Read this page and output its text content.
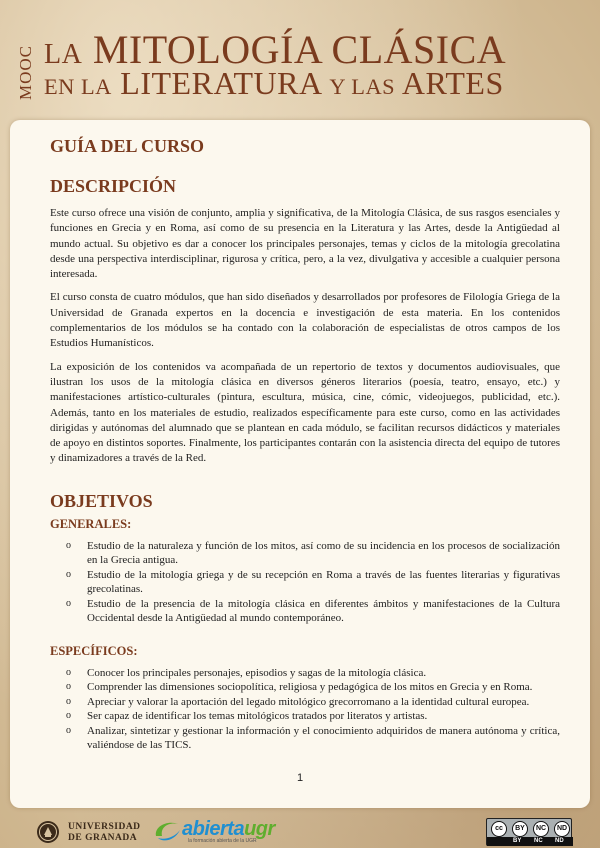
MOOC LA MITOLOGÍA CLÁSICA
EN LA LITERATURA Y LAS ARTES
GUÍA DEL CURSO
DESCRIPCIÓN

Este curso ofrece una visión de conjunto, amplia y significativa, de la Mitología Clásica, de sus rasgos esenciales y funciones en Grecia y en Roma, así como de su presencia en la Literatura y las Artes, desde la Antigüedad al mundo actual. Su objetivo es dar a conocer los principales personajes, temas y ciclos de la mitología grecolatina desde una perspectiva interdisciplinar, rigurosa y crítica, pero, a la vez, divulgativa y accesible a cualquier persona interesada.

El curso consta de cuatro módulos, que han sido diseñados y desarrollados por profesores de Filología Griega de la Universidad de Granada expertos en la docencia e investigación de esta materia. En los contenidos complementarios de los módulos se ha contado con la colaboración de especialistas de otros campos de los Estudios Humanísticos.

La exposición de los contenidos va acompañada de un repertorio de textos y documentos audiovisuales, que ilustran los usos de la mitología clásica en diversos géneros literarios (poesía, teatro, ensayo, etc.) y manifestaciones artístico-culturales (pintura, escultura, música, cine, cómic, videojuegos, publicidad, etc.). Además, tanto en los materiales de estudio, realizados específicamente para este curso, como en las actividades dirigidas y autónomas del alumnado que se plantean en cada módulo, se facilitan recursos didácticos y materiales de apoyo en distintos soportes. Finalmente, los participantes contarán con la asistencia directa del equipo de tutores y dinamizadores a través de la Red.

OBJETIVOS
GENERALES:
o Estudio de la naturaleza y función de los mitos, así como de su incidencia en los procesos de socialización en la Grecia antigua.
o Estudio de la mitología griega y de su recepción en Roma a través de las fuentes literarias y figurativas grecolatinas.
o Estudio de la presencia de la mitología clásica en diferentes ámbitos y manifestaciones de la Cultura Occidental desde la Antigüedad al mundo contemporáneo.
ESPECÍFICOS:
o Conocer los principales personajes, episodios y sagas de la mitología clásica.
o Comprender las dimensiones sociopolítica, religiosa y pedagógica de los mitos en Grecia y en Roma.
o Apreciar y valorar la aportación del legado mitológico grecorromano a la identidad cultural europea.
o Ser capaz de identificar los temas mitológicos tratados por literatos y artistas.
o Analizar, sintetizar y gestionar la información y el conocimiento adquiridos de manera autónoma y crítica, valiéndose de las TICS.
1
UNIVERSIDAD
DE GRANADA	abiertaugr
la formación abierta de la UGR
cc	BY	NC	ND
BY NC ND
